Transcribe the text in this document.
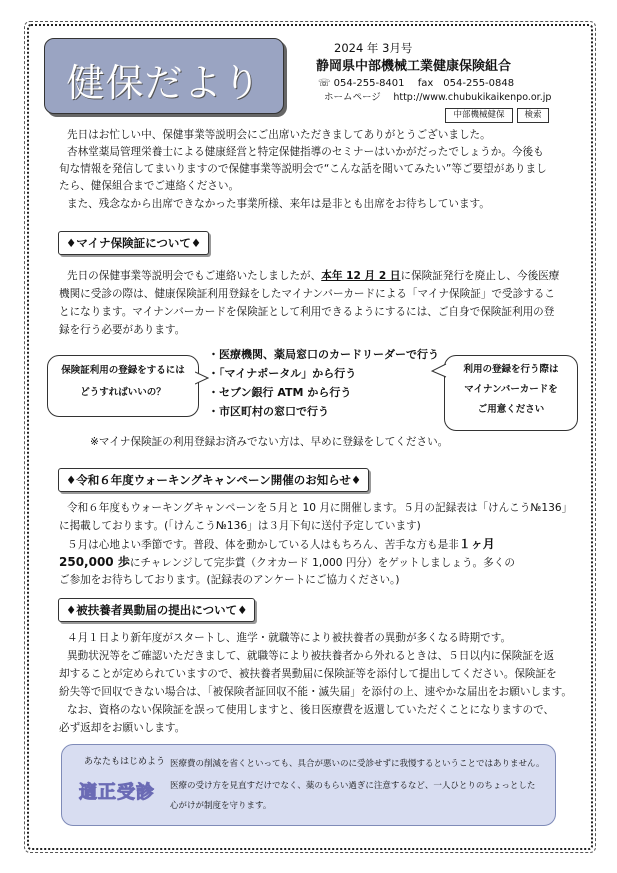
健保だより
2024 年 3月号
静岡県中部機械工業健康保険組合
☏ 054-255-8401　 fax　054-255-0848
ホームページ　 http://www.chubukikaikenpo.or.jp
中部機械健保	検索
先日はお忙しい中、保健事業等説明会にご出席いただきましてありがとうございました。
杏林堂薬局管理栄養士による健康経営と特定保健指導のセミナーはいかがだったでしょうか。今後も
旬な情報を発信してまいりますので保健事業等説明会で“こんな話を聞いてみたい”等ご要望がありまし
たら、健保組合までご連絡ください。
また、残念なから出席できなかった事業所様、来年は是非とも出席をお待ちしています。
♦マイナ保険証について♦
先日の保健事業等説明会でもご連絡いたしましたが、本年 12 月 2 日に保険証発行を廃止し、今後医療
機関に受診の際は、健康保険証利用登録をしたマイナンバーカードによる「マイナ保険証」で受診するこ
とになります。マイナンバーカードを保険証として利用できるようにするには、ご自身で保険証利用の登
録を行う必要があります。
保険証利用の登録をするには
どうすればいいの？
・医療機関、薬局窓口のカードリーダーで行う
・「マイナポータル」から行う
・セブン銀行 ATM から行う
・市区町村の窓口で行う
利用の登録を行う際は
マイナンバーカードを
ご用意ください
※マイナ保険証の利用登録お済みでない方は、早めに登録をしてください。
♦令和６年度ウォーキングキャンペーン開催のお知らせ♦
令和６年度もウォーキングキャンペーンを５月と 10 月に開催します。５月の記録表は「けんこう№136」
に掲載しております。(「けんこう№136」は３月下旬に送付予定しています)
５月は心地よい季節です。普段、体を動かしている人はもちろん、苦手な方も是非１ヶ月
250,000 歩にチャレンジして完歩賞（クオカード 1,000 円分）をゲットしましょう。多くの
ご参加をお待ちしております。(記録表のアンケートにご協力ください。)
♦被扶養者異動届の提出について♦
４月１日より新年度がスタートし、進学・就職等により被扶養者の異動が多くなる時期です。
異動状況等をご確認いただきまして、就職等により被扶養者から外れるときは、５日以内に保険証を返
却することが定められていますので、被扶養者異動届に保険証等を添付して提出してください。保険証を
紛失等で回収できない場合は、「被保険者証回収不能・滅失届」を添付の上、速やかな届出をお願いします。
なお、資格のない保険証を誤って使用しますと、後日医療費を返還していただくことになりますので、
必ず返却をお願いします。
あなたもはじめよう
適正受診
医療費の削減を省くといっても、具合が悪いのに受診せずに我慢するということではありません。
医療の受け方を見直すだけでなく、薬のもらい過ぎに注意するなど、一人ひとりのちょっとした
心がけが制度を守ります。
